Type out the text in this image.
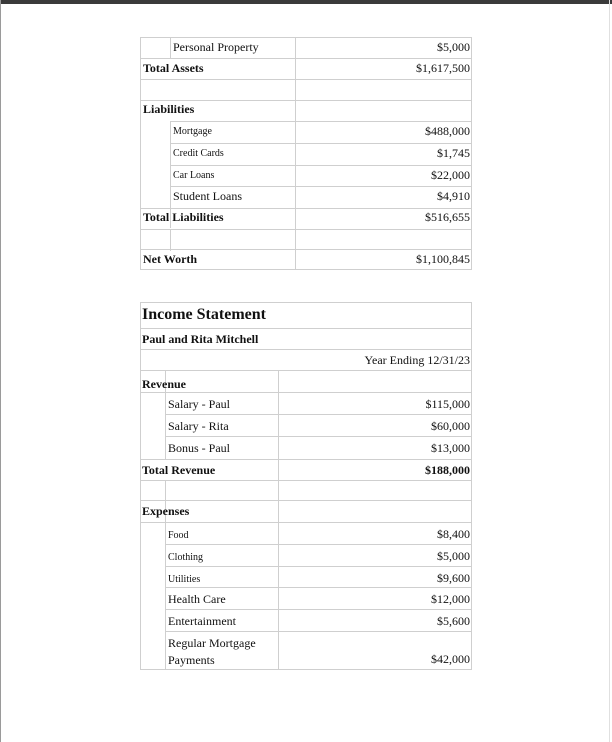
Personal Property	$5,000
Total Assets	$1,617,500
Liabilities
Mortgage	$488,000
Credit Cards	$1,745
Car Loans	$22,000
Student Loans	$4,910
Total Liabilities	$516,655
Net Worth	$1,100,845
Income Statement
Paul and Rita Mitchell
Year Ending 12/31/23
Revenue
Salary - Paul	$115,000
Salary - Rita	$60,000
Bonus - Paul	$13,000
Total Revenue	$188,000
Expenses
Food	$8,400
Clothing	$5,000
Utilities	$9,600
Health Care	$12,000
Entertainment	$5,600
Regular Mortgage Payments	$42,000
